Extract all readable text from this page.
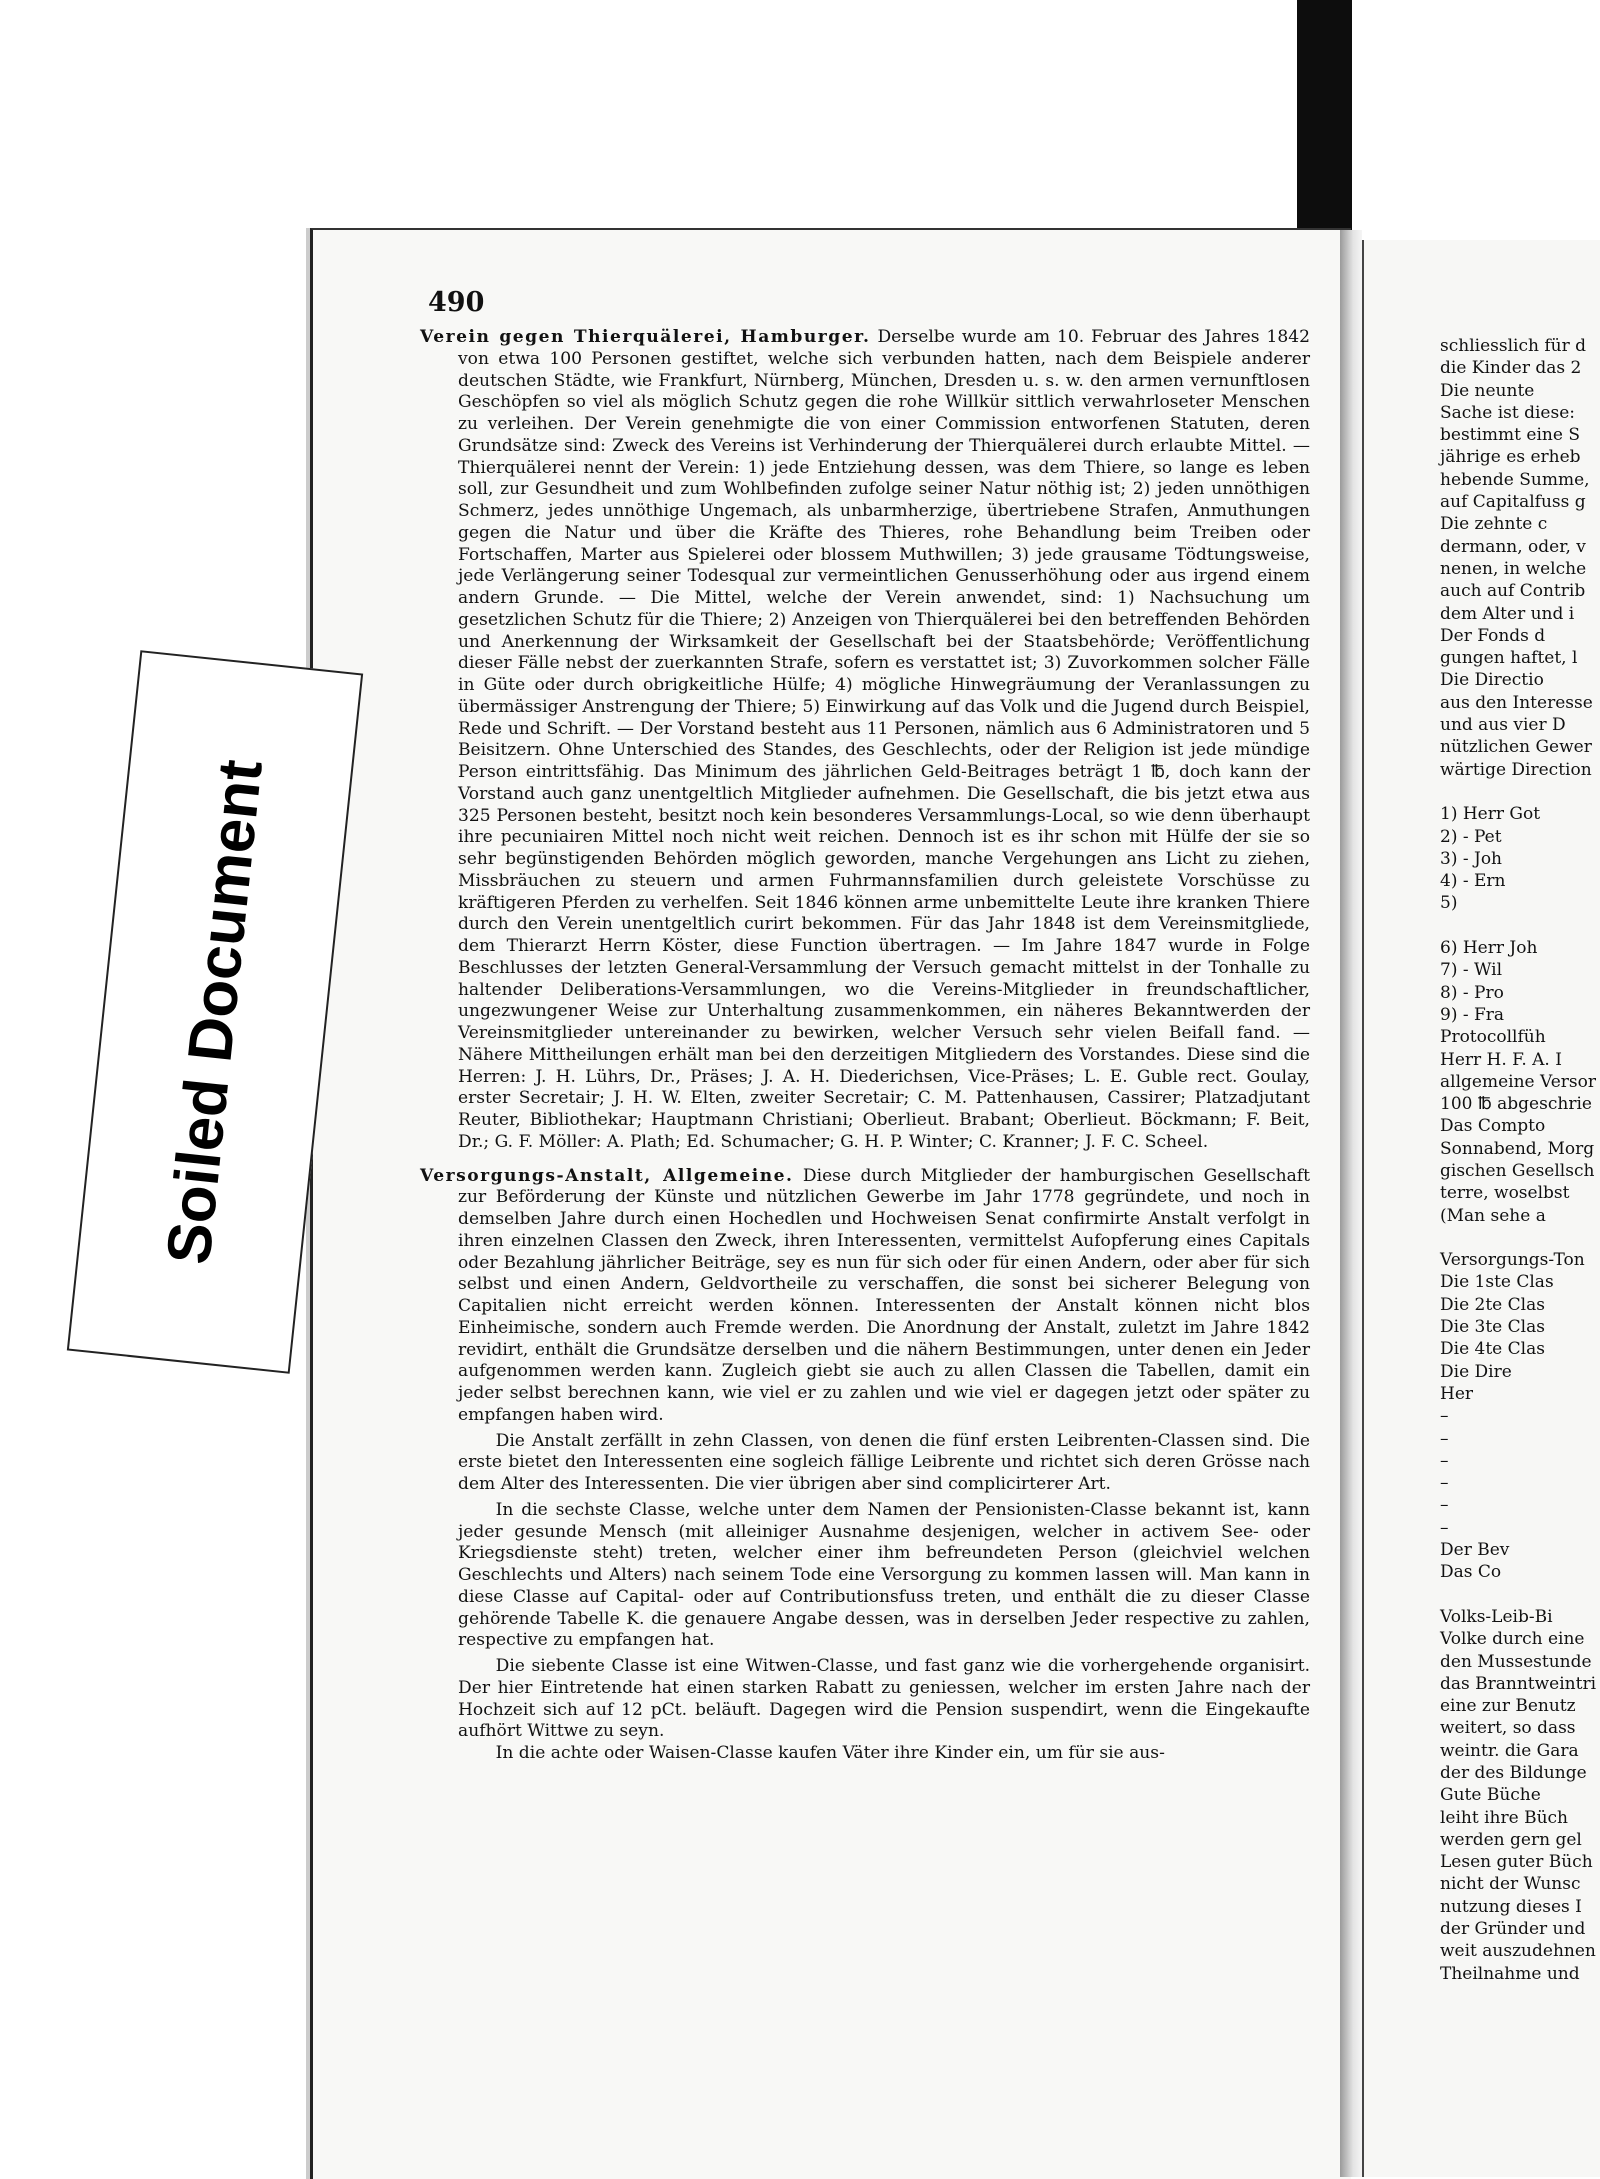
490

Verein gegen Thierquälerei, Hamburger. Derselbe wurde am 10. Februar des Jahres 1842 von etwa 100 Personen gestiftet, welche sich verbunden hatten, nach dem Beispiele anderer deutschen Städte, wie Frankfurt, Nürnberg, München, Dresden u. s. w. den armen vernunftlosen Geschöpfen so viel als möglich Schutz gegen die rohe Willkür sittlich verwahrloseter Menschen zu verleihen. Der Verein genehmigte die von einer Commission entworfenen Statuten, deren Grundsätze sind: Zweck des Vereins ist Verhinderung der Thierquälerei durch erlaubte Mittel. — Thierquälerei nennt der Verein: 1) jede Entziehung dessen, was dem Thiere, so lange es leben soll, zur Gesundheit und zum Wohlbefinden zufolge seiner Natur nöthig ist; 2) jeden unnöthigen Schmerz, jedes unnöthige Ungemach, als unbarmherzige, übertriebene Strafen, Anmuthungen gegen die Natur und über die Kräfte des Thieres, rohe Behandlung beim Treiben oder Fortschaffen, Marter aus Spielerei oder blossem Muthwillen; 3) jede grausame Tödtungsweise, jede Verlängerung seiner Todesqual zur vermeintlichen Genusserhöhung oder aus irgend einem andern Grunde. — Die Mittel, welche der Verein anwendet, sind: 1) Nachsuchung um gesetzlichen Schutz für die Thiere; 2) Anzeigen von Thierquälerei bei den betreffenden Behörden und Anerkennung der Wirksamkeit der Gesellschaft bei der Staatsbehörde; Veröffentlichung dieser Fälle nebst der zuerkannten Strafe, sofern es verstattet ist; 3) Zuvorkommen solcher Fälle in Güte oder durch obrigkeitliche Hülfe; 4) mögliche Hinwegräumung der Veranlassungen zu übermässiger Anstrengung der Thiere; 5) Einwirkung auf das Volk und die Jugend durch Beispiel, Rede und Schrift. — Der Vorstand besteht aus 11 Personen, nämlich aus 6 Administratoren und 5 Beisitzern. Ohne Unterschied des Standes, des Geschlechts, oder der Religion ist jede mündige Person eintrittsfähig. Das Minimum des jährlichen Geld-Beitrages beträgt 1 ℔, doch kann der Vorstand auch ganz unentgeltlich Mitglieder aufnehmen. Die Gesellschaft, die bis jetzt etwa aus 325 Personen besteht, besitzt noch kein besonderes Versammlungs-Local, so wie denn überhaupt ihre pecuniairen Mittel noch nicht weit reichen. Dennoch ist es ihr schon mit Hülfe der sie so sehr begünstigenden Behörden möglich geworden, manche Vergehungen ans Licht zu ziehen, Missbräuchen zu steuern und armen Fuhrmannsfamilien durch geleistete Vorschüsse zu kräftigeren Pferden zu verhelfen. Seit 1846 können arme unbemittelte Leute ihre kranken Thiere durch den Verein unentgeltlich curirt bekommen. Für das Jahr 1848 ist dem Vereinsmitgliede, dem Thierarzt Herrn Köster, diese Function übertragen. — Im Jahre 1847 wurde in Folge Beschlusses der letzten General-Versammlung der Versuch gemacht mittelst in der Tonhalle zu haltender Deliberations-Versammlungen, wo die Vereins-Mitglieder in freundschaftlicher, ungezwungener Weise zur Unterhaltung zusammenkommen, ein näheres Bekanntwerden der Vereinsmitglieder untereinander zu bewirken, welcher Versuch sehr vielen Beifall fand. — Nähere Mittheilungen erhält man bei den derzeitigen Mitgliedern des Vorstandes. Diese sind die Herren: J. H. Lührs, Dr., Präses; J. A. H. Diederichsen, Vice-Präses; L. E. Guble rect. Goulay, erster Secretair; J. H. W. Elten, zweiter Secretair; C. M. Pattenhausen, Cassirer; Platzadjutant Reuter, Bibliothekar; Hauptmann Christiani; Oberlieut. Brabant; Oberlieut. Böckmann; F. Beit, Dr.; G. F. Möller: A. Plath; Ed. Schumacher; G. H. P. Winter; C. Kranner; J. F. C. Scheel.

Versorgungs-Anstalt, Allgemeine. Diese durch Mitglieder der hamburgischen Gesellschaft zur Beförderung der Künste und nützlichen Gewerbe im Jahr 1778 gegründete, und noch in demselben Jahre durch einen Hochedlen und Hochweisen Senat confirmirte Anstalt verfolgt in ihren einzelnen Classen den Zweck, ihren Interessenten, vermittelst Aufopferung eines Capitals oder Bezahlung jährlicher Beiträge, sey es nun für sich oder für einen Andern, oder aber für sich selbst und einen Andern, Geldvortheile zu verschaffen, die sonst bei sicherer Belegung von Capitalien nicht erreicht werden können. Interessenten der Anstalt können nicht blos Einheimische, sondern auch Fremde werden. Die Anordnung der Anstalt, zuletzt im Jahre 1842 revidirt, enthält die Grundsätze derselben und die nähern Bestimmungen, unter denen ein Jeder aufgenommen werden kann. Zugleich giebt sie auch zu allen Classen die Tabellen, damit ein jeder selbst berechnen kann, wie viel er zu zahlen und wie viel er dagegen jetzt oder später zu empfangen haben wird.

Die Anstalt zerfällt in zehn Classen, von denen die fünf ersten Leibrenten-Classen sind. Die erste bietet den Interessenten eine sogleich fällige Leibrente und richtet sich deren Grösse nach dem Alter des Interessenten. Die vier übrigen aber sind complicirterer Art.

In die sechste Classe, welche unter dem Namen der Pensionisten-Classe bekannt ist, kann jeder gesunde Mensch (mit alleiniger Ausnahme desjenigen, welcher in activem See- oder Kriegsdienste steht) treten, welcher einer ihm befreundeten Person (gleichviel welchen Geschlechts und Alters) nach seinem Tode eine Versorgung zu kommen lassen will. Man kann in diese Classe auf Capital- oder auf Contributionsfuss treten, und enthält die zu dieser Classe gehörende Tabelle K. die genauere Angabe dessen, was in derselben Jeder respective zu zahlen, respective zu empfangen hat.

Die siebente Classe ist eine Witwen-Classe, und fast ganz wie die vorhergehende organisirt. Der hier Eintretende hat einen starken Rabatt zu geniessen, welcher im ersten Jahre nach der Hochzeit sich auf 12 pCt. beläuft. Dagegen wird die Pension suspendirt, wenn die Eingekaufte aufhört Wittwe zu seyn.

In die achte oder Waisen-Classe kaufen Väter ihre Kinder ein, um für sie aus-

schliesslich für d
die Kinder das 2
Die neunte
Sache ist diese:
bestimmt eine S
jährige es erheb
hebende Summe,
auf Capitalfuss g
Die zehnte c
dermann, oder, v
nenen, in welche
auch auf Contrib
dem Alter und i
Der Fonds d
gungen haftet, l
Die Directio
aus den Interesse
und aus vier D
nützlichen Gewer
wärtige Direction
1) Herr Got
2) - Pet
3) - Joh
4) - Ern
5)
6) Herr Joh
7) - Wil
8) - Pro
9) - Fra
Protocollfüh
Herr H. F. A. I
allgemeine Versor
100 ℔ abgeschrie
Das Compto
Sonnabend, Morg
gischen Gesellsch
terre, woselbst
(Man sehe a
Versorgungs-Ton
Die 1ste Clas
Die 2te Clas
Die 3te Clas
Die 4te Clas
Die Dire
Her
–
–
–
–
–
–
Der Bev
Das Co
Volks-Leib-Bi
Volke durch eine
den Mussestunde
das Branntweintri
eine zur Benutz
weitert, so dass
weintr. die Gara
der des Bildunge
Gute Büche
leiht ihre Büch
werden gern gel
Lesen guter Büch
nicht der Wunsc
nutzung dieses I
der Gründer und
weit auszudehnen
Theilnahme und
Soiled Document
